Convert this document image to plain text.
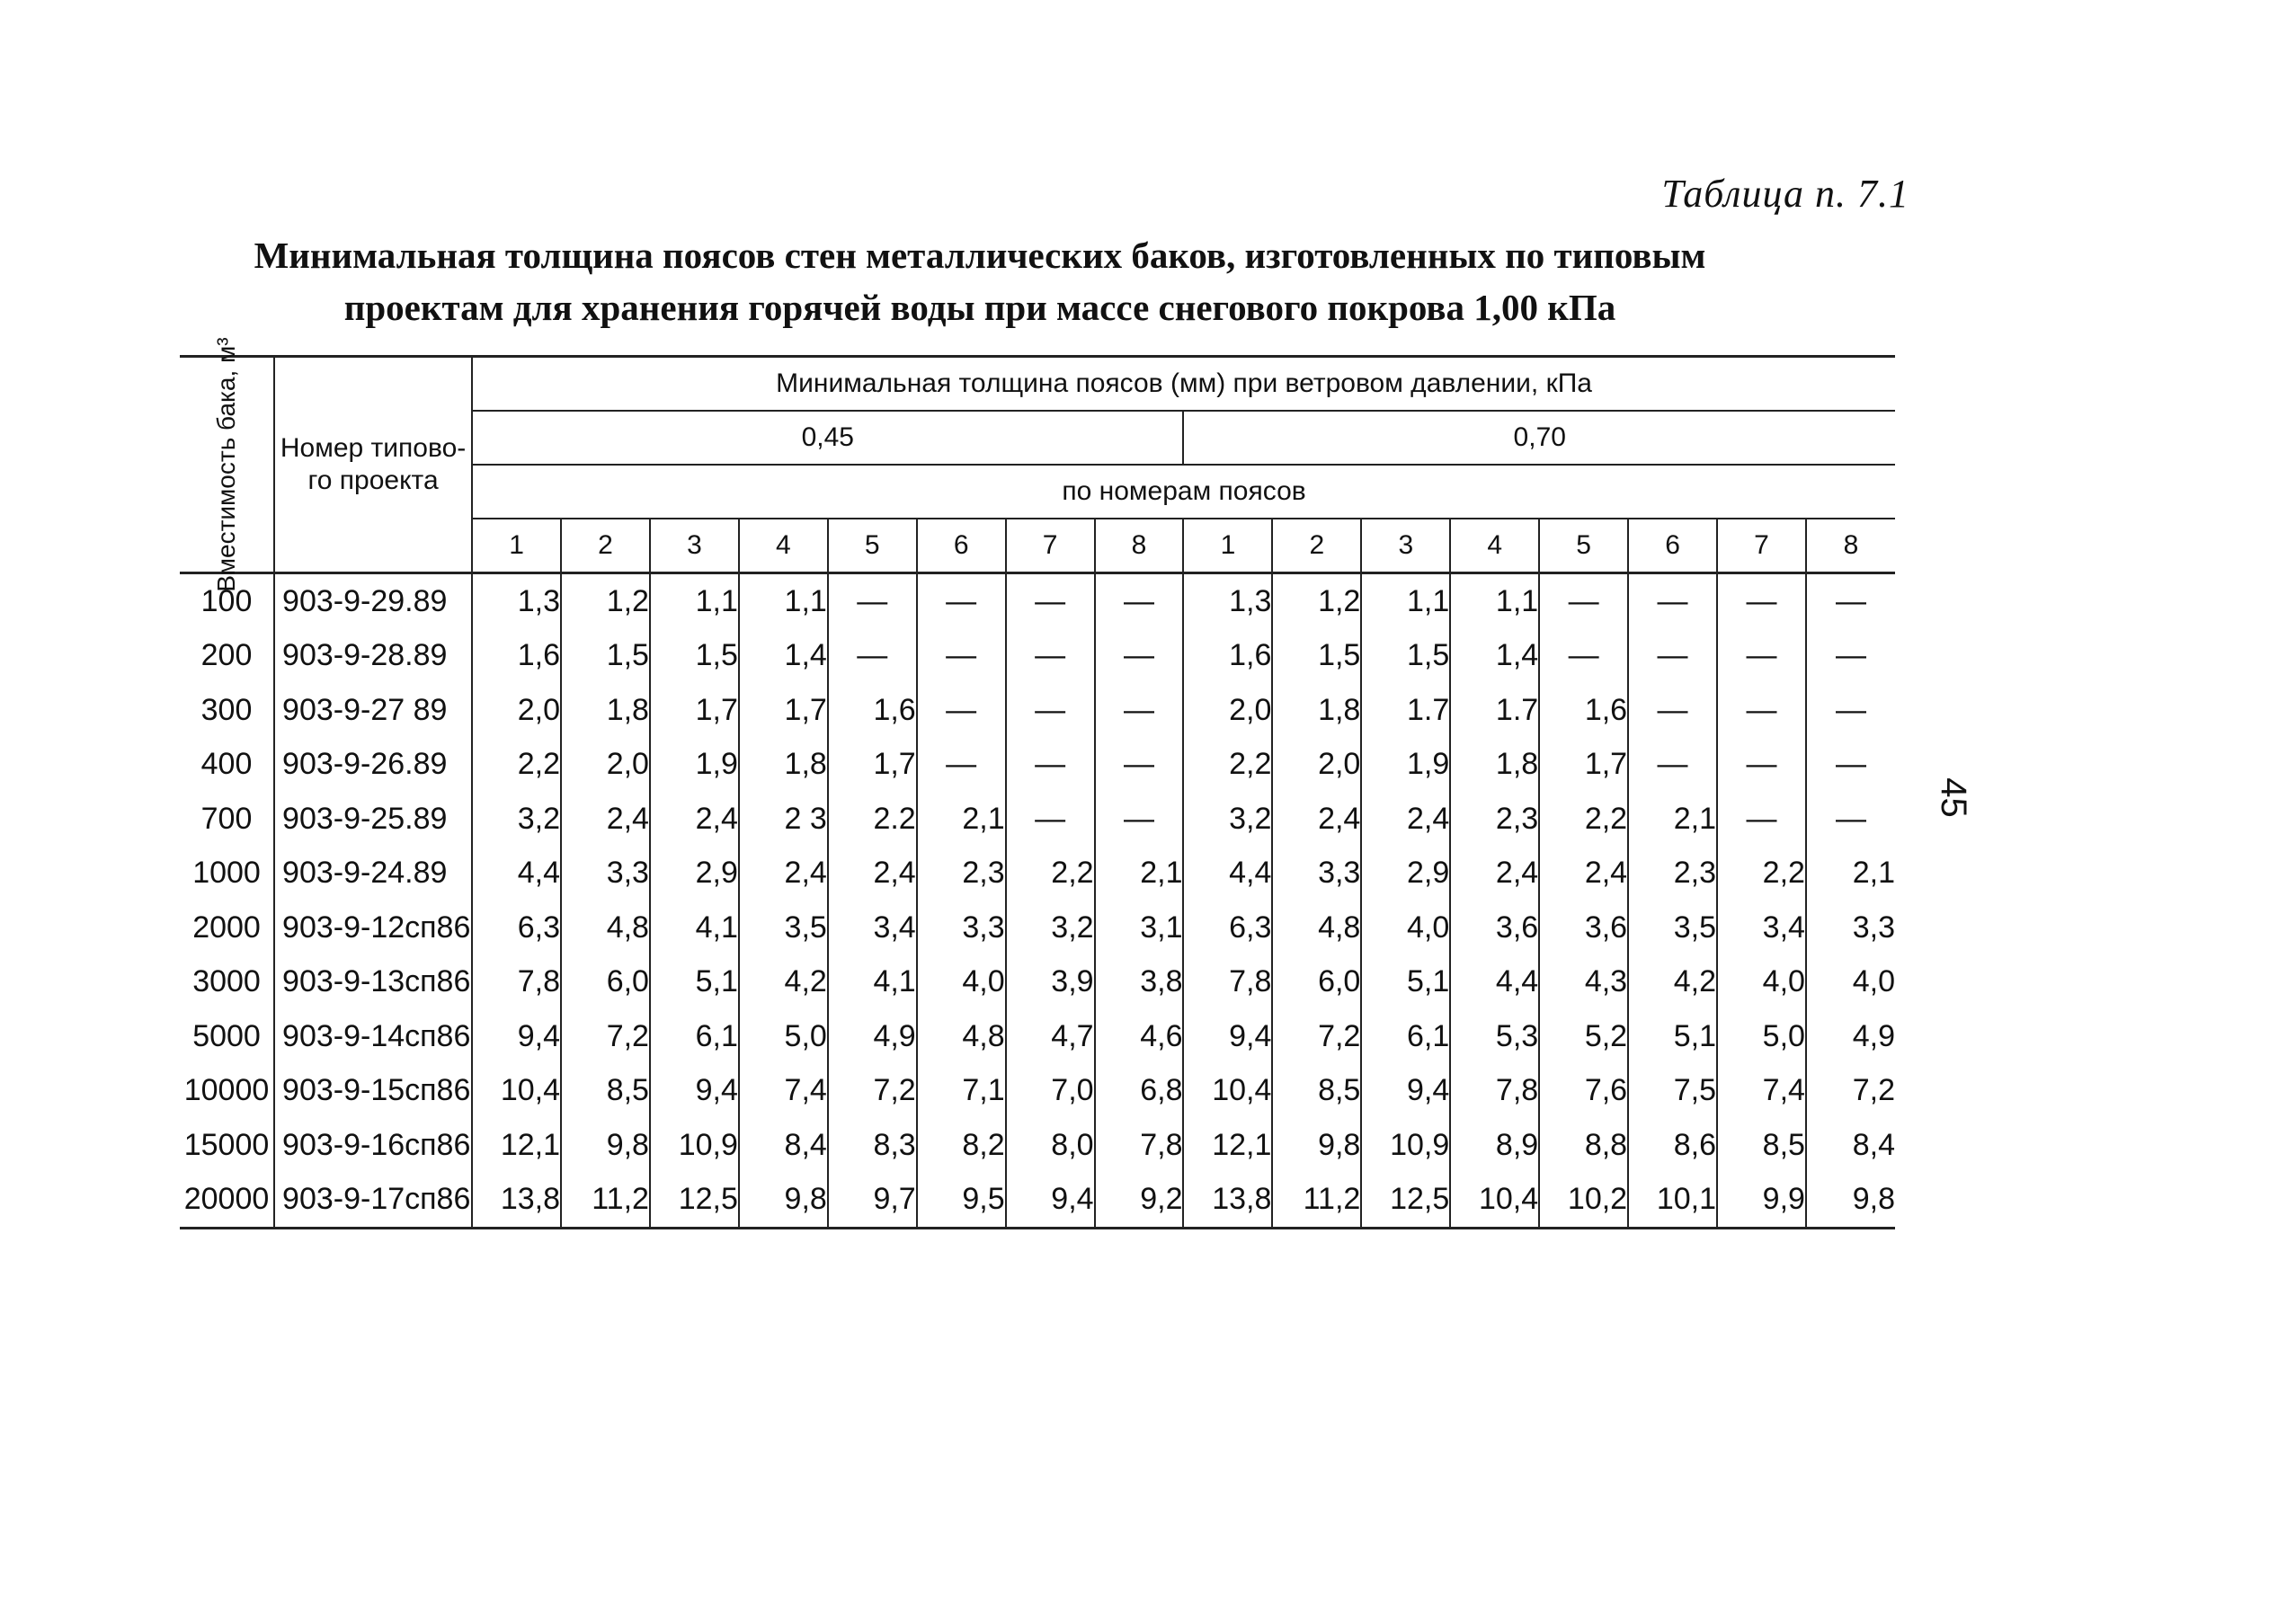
Таблица п. 7.1
Минимальная толщина поясов стен металлических баков, изготовленных по типовым
проектам для хранения горячей воды при массе снегового покрова 1,00 кПа
45
Вместимость бака, м³	Номер типово-го проекта	Минимальная толщина поясов (мм) при ветровом давлении, кПа															
		0,45								0,70							
		по номерам поясов															
		1	2	3	4	5	6	7	8	1	2	3	4	5	6	7	8
100	903-9-29.89	1,3	1,2	1,1	1,1	—	—	—	—	1,3	1,2	1,1	1,1	—	—	—	—
200	903-9-28.89	1,6	1,5	1,5	1,4	—	—	—	—	1,6	1,5	1,5	1,4	—	—	—	—
300	903-9-27 89	2,0	1,8	1,7	1,7	1,6	—	—	—	2,0	1,8	1.7	1.7	1,6	—	—	—
400	903-9-26.89	2,2	2,0	1,9	1,8	1,7	—	—	—	2,2	2,0	1,9	1,8	1,7	—	—	—
700	903-9-25.89	3,2	2,4	2,4	2 3	2.2	2,1	—	—	3,2	2,4	2,4	2,3	2,2	2,1	—	—
1000	903-9-24.89	4,4	3,3	2,9	2,4	2,4	2,3	2,2	2,1	4,4	3,3	2,9	2,4	2,4	2,3	2,2	2,1
2000	903-9-12сп86	6,3	4,8	4,1	3,5	3,4	3,3	3,2	3,1	6,3	4,8	4,0	3,6	3,6	3,5	3,4	3,3
3000	903-9-13сп86	7,8	6,0	5,1	4,2	4,1	4,0	3,9	3,8	7,8	6,0	5,1	4,4	4,3	4,2	4,0	4,0
5000	903-9-14сп86	9,4	7,2	6,1	5,0	4,9	4,8	4,7	4,6	9,4	7,2	6,1	5,3	5,2	5,1	5,0	4,9
10000	903-9-15сп86	10,4	8,5	9,4	7,4	7,2	7,1	7,0	6,8	10,4	8,5	9,4	7,8	7,6	7,5	7,4	7,2
15000	903-9-16сп86	12,1	9,8	10,9	8,4	8,3	8,2	8,0	7,8	12,1	9,8	10,9	8,9	8,8	8,6	8,5	8,4
20000	903-9-17сп86	13,8	11,2	12,5	9,8	9,7	9,5	9,4	9,2	13,8	11,2	12,5	10,4	10,2	10,1	9,9	9,8
